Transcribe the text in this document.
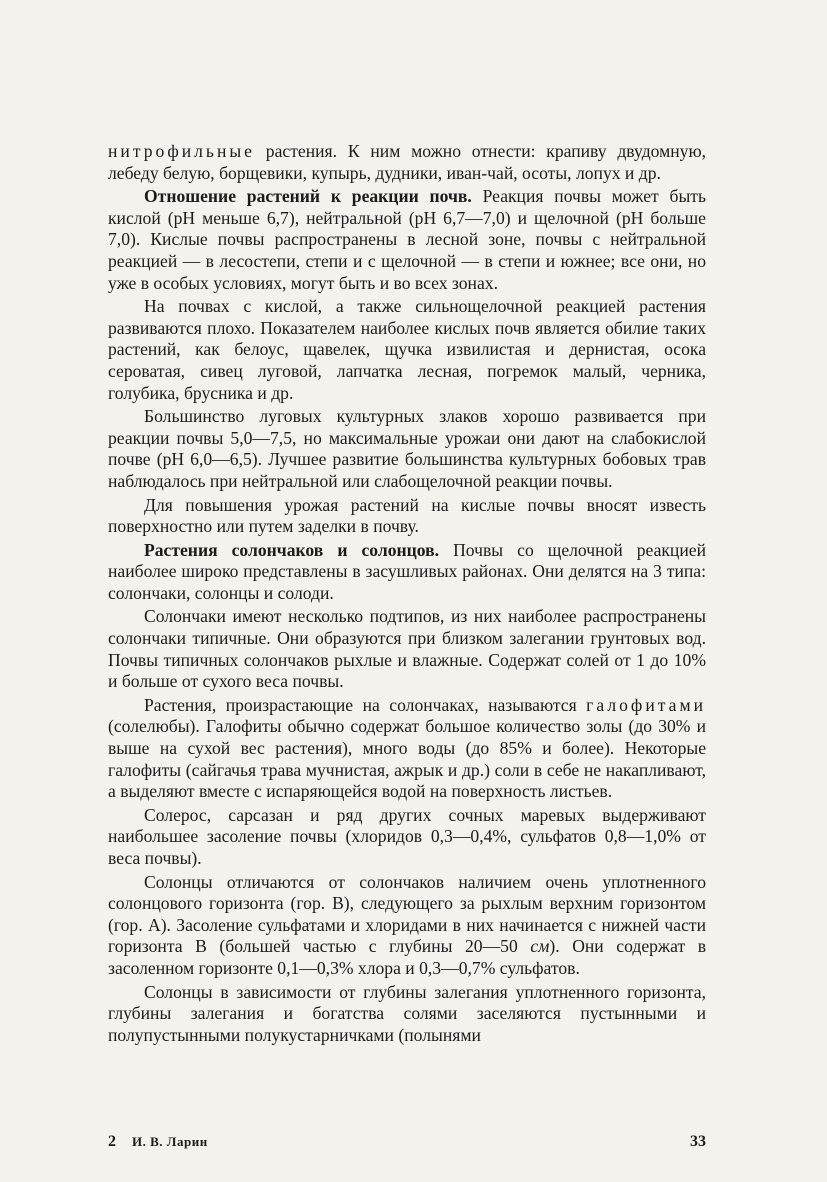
нитрофильные растения. К ним можно отнести: крапиву двудомную, лебеду белую, борщевики, купырь, дудники, иван-чай, осоты, лопух и др.

Отношение растений к реакции почв. Реакция почвы может быть кислой (pH меньше 6,7), нейтральной (pH 6,7—7,0) и щелочной (pH больше 7,0). Кислые почвы распространены в лесной зоне, почвы с нейтральной реакцией — в лесостепи, степи и с щелочной — в степи и южнее; все они, но уже в особых условиях, могут быть и во всех зонах.

На почвах с кислой, а также сильнощелочной реакцией растения развиваются плохо. Показателем наиболее кислых почв является обилие таких растений, как белоус, щавелек, щучка извилистая и дернистая, осока сероватая, сивец луговой, лапчатка лесная, погремок малый, черника, голубика, брусника и др.

Большинство луговых культурных злаков хорошо развивается при реакции почвы 5,0—7,5, но максимальные урожаи они дают на слабокислой почве (pH 6,0—6,5). Лучшее развитие большинства культурных бобовых трав наблюдалось при нейтральной или слабощелочной реакции почвы.

Для повышения урожая растений на кислые почвы вносят известь поверхностно или путем заделки в почву.

Растения солончаков и солонцов. Почвы со щелочной реакцией наиболее широко представлены в засушливых районах. Они делятся на 3 типа: солончаки, солонцы и солоди.

Солончаки имеют несколько подтипов, из них наиболее распространены солончаки типичные. Они образуются при близком залегании грунтовых вод. Почвы типичных солончаков рыхлые и влажные. Содержат солей от 1 до 10% и больше от сухого веса почвы.

Растения, произрастающие на солончаках, называются галофитами (солелюбы). Галофиты обычно содержат большое количество золы (до 30% и выше на сухой вес растения), много воды (до 85% и более). Некоторые галофиты (сайгачья трава мучнистая, ажрык и др.) соли в себе не накапливают, а выделяют вместе с испаряющейся водой на поверхность листьев.

Солерос, сарсазан и ряд других сочных маревых выдерживают наибольшее засоление почвы (хлоридов 0,3—0,4%, сульфатов 0,8—1,0% от веса почвы).

Солонцы отличаются от солончаков наличием очень уплотненного солонцового горизонта (гор. В), следующего за рыхлым верхним горизонтом (гор. А). Засоление сульфатами и хлоридами в них начинается с нижней части горизонта В (большей частью с глубины 20—50 см). Они содержат в засоленном горизонте 0,1—0,3% хлора и 0,3—0,7% сульфатов.

Солонцы в зависимости от глубины залегания уплотненного горизонта, глубины залегания и богатства солями заселяются пустынными и полупустынными полукустарничками (полынями

2 И. В. Ларин	33
